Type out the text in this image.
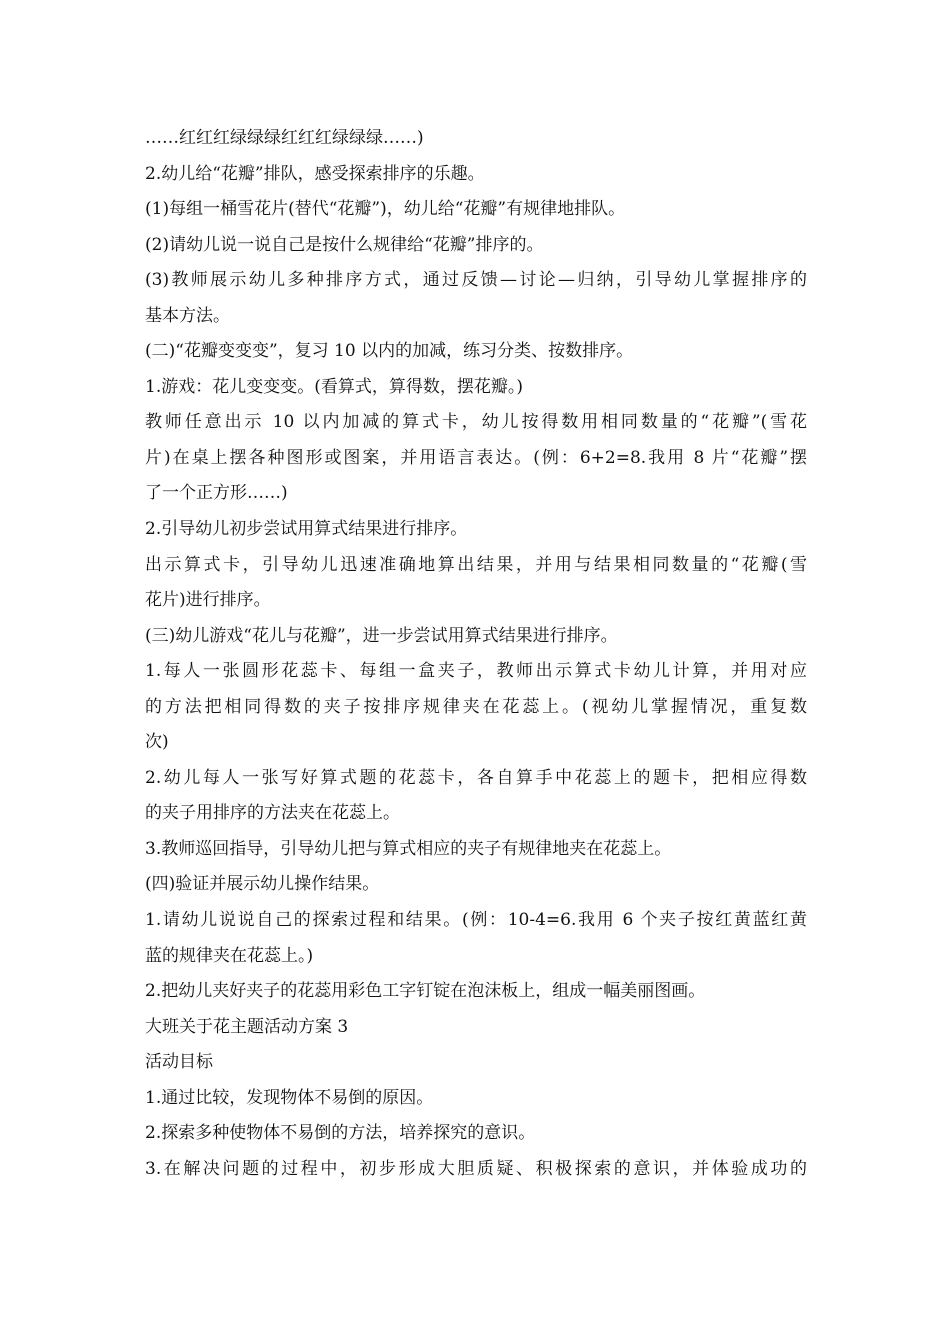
……红红红绿绿绿红红红绿绿绿……)
2.幼儿给“花瓣”排队，感受探索排序的乐趣。
(1)每组一桶雪花片(替代“花瓣”)，幼儿给“花瓣”有规律地排队。
(2)请幼儿说一说自己是按什么规律给“花瓣”排序的。
(3)教师展示幼儿多种排序方式，通过反馈—讨论—归纳，引导幼儿掌握排序的
基本方法。
(二)“花瓣变变变”，复习 10 以内的加减，练习分类、按数排序。
1.游戏：花儿变变变。(看算式，算得数，摆花瓣。)
教师任意出示 10 以内加减的算式卡，幼儿按得数用相同数量的“花瓣”(雪花
片)在桌上摆各种图形或图案，并用语言表达。(例：6+2=8.我用 8 片“花瓣”摆
了一个正方形……)
2.引导幼儿初步尝试用算式结果进行排序。
出示算式卡，引导幼儿迅速准确地算出结果，并用与结果相同数量的“花瓣(雪
花片)进行排序。
(三)幼儿游戏“花儿与花瓣”，进一步尝试用算式结果进行排序。
1.每人一张圆形花蕊卡、每组一盒夹子，教师出示算式卡幼儿计算，并用对应
的方法把相同得数的夹子按排序规律夹在花蕊上。(视幼儿掌握情况，重复数
次)
2.幼儿每人一张写好算式题的花蕊卡，各自算手中花蕊上的题卡，把相应得数
的夹子用排序的方法夹在花蕊上。
3.教师巡回指导，引导幼儿把与算式相应的夹子有规律地夹在花蕊上。
(四)验证并展示幼儿操作结果。
1.请幼儿说说自己的探索过程和结果。(例：10-4=6.我用 6 个夹子按红黄蓝红黄
蓝的规律夹在花蕊上。)
2.把幼儿夹好夹子的花蕊用彩色工字钉锭在泡沫板上，组成一幅美丽图画。
大班关于花主题活动方案 3
活动目标
1.通过比较，发现物体不易倒的原因。
2.探索多种使物体不易倒的方法，培养探究的意识。
3.在解决问题的过程中，初步形成大胆质疑、积极探索的意识，并体验成功的
